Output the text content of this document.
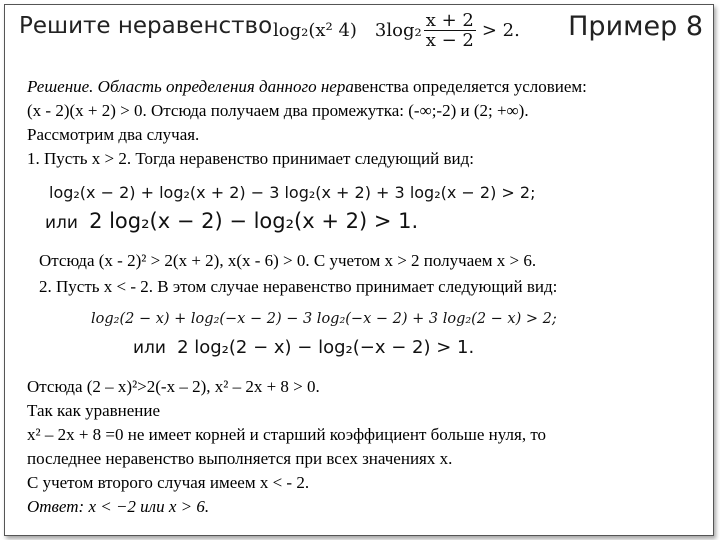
Решите неравенство log₂(x² 4) $3\log_2 \frac{x + 2}{x - 2} > 2$. Пример 8
Решение. Область определения данного неравенства определяется условием:
(x - 2)(x + 2) > 0. Отсюда получаем два промежутка: (-∞;-2) и (2; +∞).
Рассмотрим два случая.
1. Пусть x > 2. Тогда неравенство принимает следующий вид:
log₂(x − 2) + log₂(x + 2) − 3 log₂(x + 2) + 3 log₂(x − 2) > 2;
или 2 log₂(x − 2) − log₂(x + 2) > 1.
Отсюда (x - 2)² > 2(x + 2), x(x - 6) > 0. С учетом x > 2 получаем x > 6.
2. Пусть x < - 2. В этом случае неравенство принимает следующий вид:
log₂(2 − x) + log₂(−x − 2) − 3 log₂(−x − 2) + 3 log₂(2 − x) > 2;
или 2 log₂(2 − x) − log₂(−x − 2) > 1.
Отсюда (2 – x)²>2(-x – 2), x² – 2x + 8 > 0.
Так как уравнение
x² – 2x + 8 =0 не имеет корней и старший коэффициент больше нуля, то
последнее неравенство выполняется при всех значениях x.
С учетом второго случая имеем x < - 2.
Ответ: x < −2 или x > 6.
